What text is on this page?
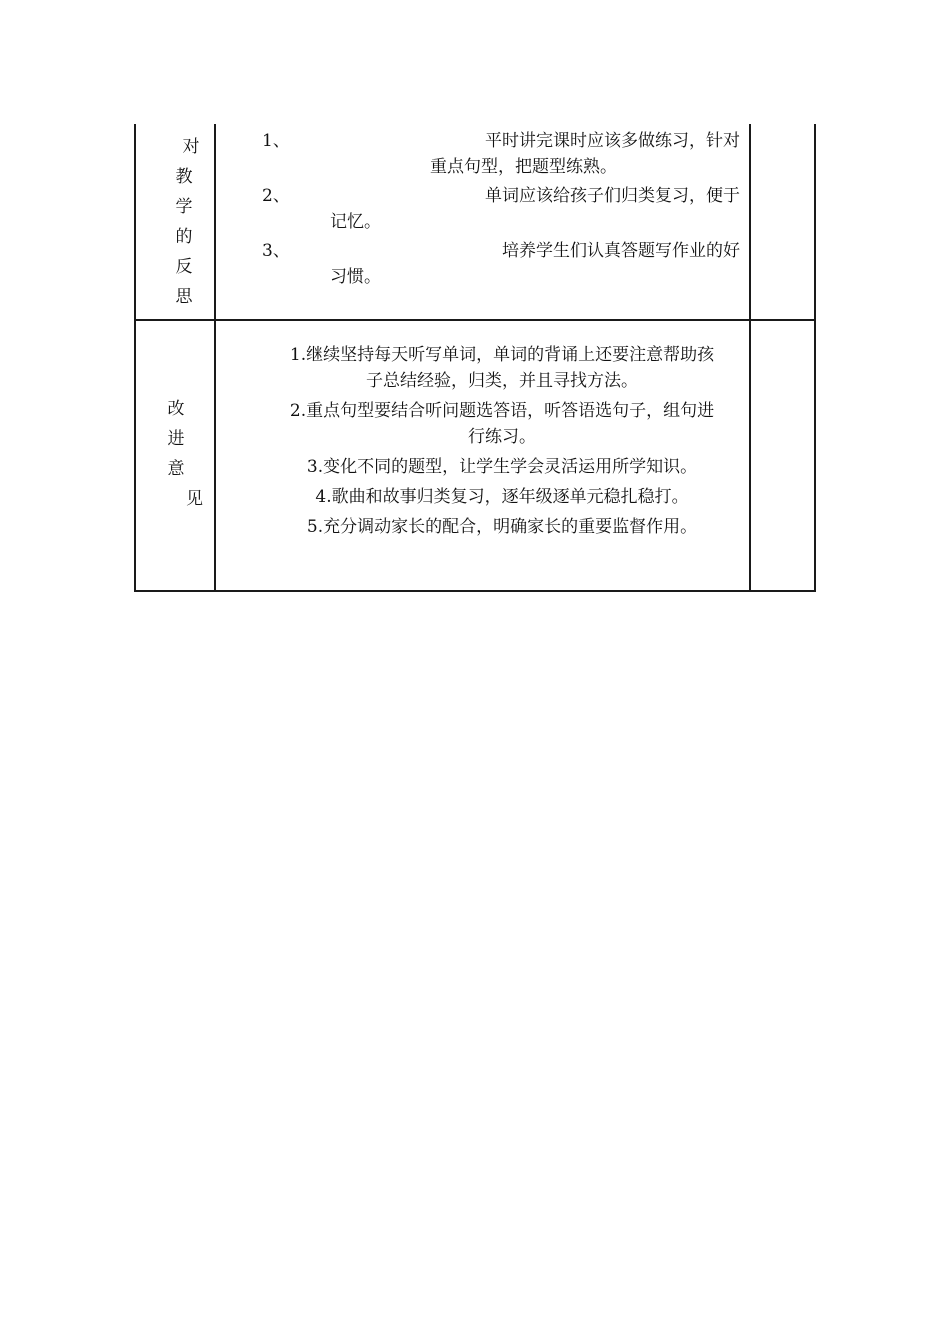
对
教
学
的
反
思
1、	平时讲完课时应该多做练习，针对
重点句型，把题型练熟。
2、	单词应该给孩子们归类复习，便于
记忆。
3、	培养学生们认真答题写作业的好
习惯。
改
进
意
见
1.继续坚持每天听写单词，单词的背诵上还要注意帮助孩
子总结经验，归类，并且寻找方法。
2.重点句型要结合听问题选答语，听答语选句子，组句进
行练习。
3.变化不同的题型，让学生学会灵活运用所学知识。
4.歌曲和故事归类复习，逐年级逐单元稳扎稳打。
5.充分调动家长的配合，明确家长的重要监督作用。
